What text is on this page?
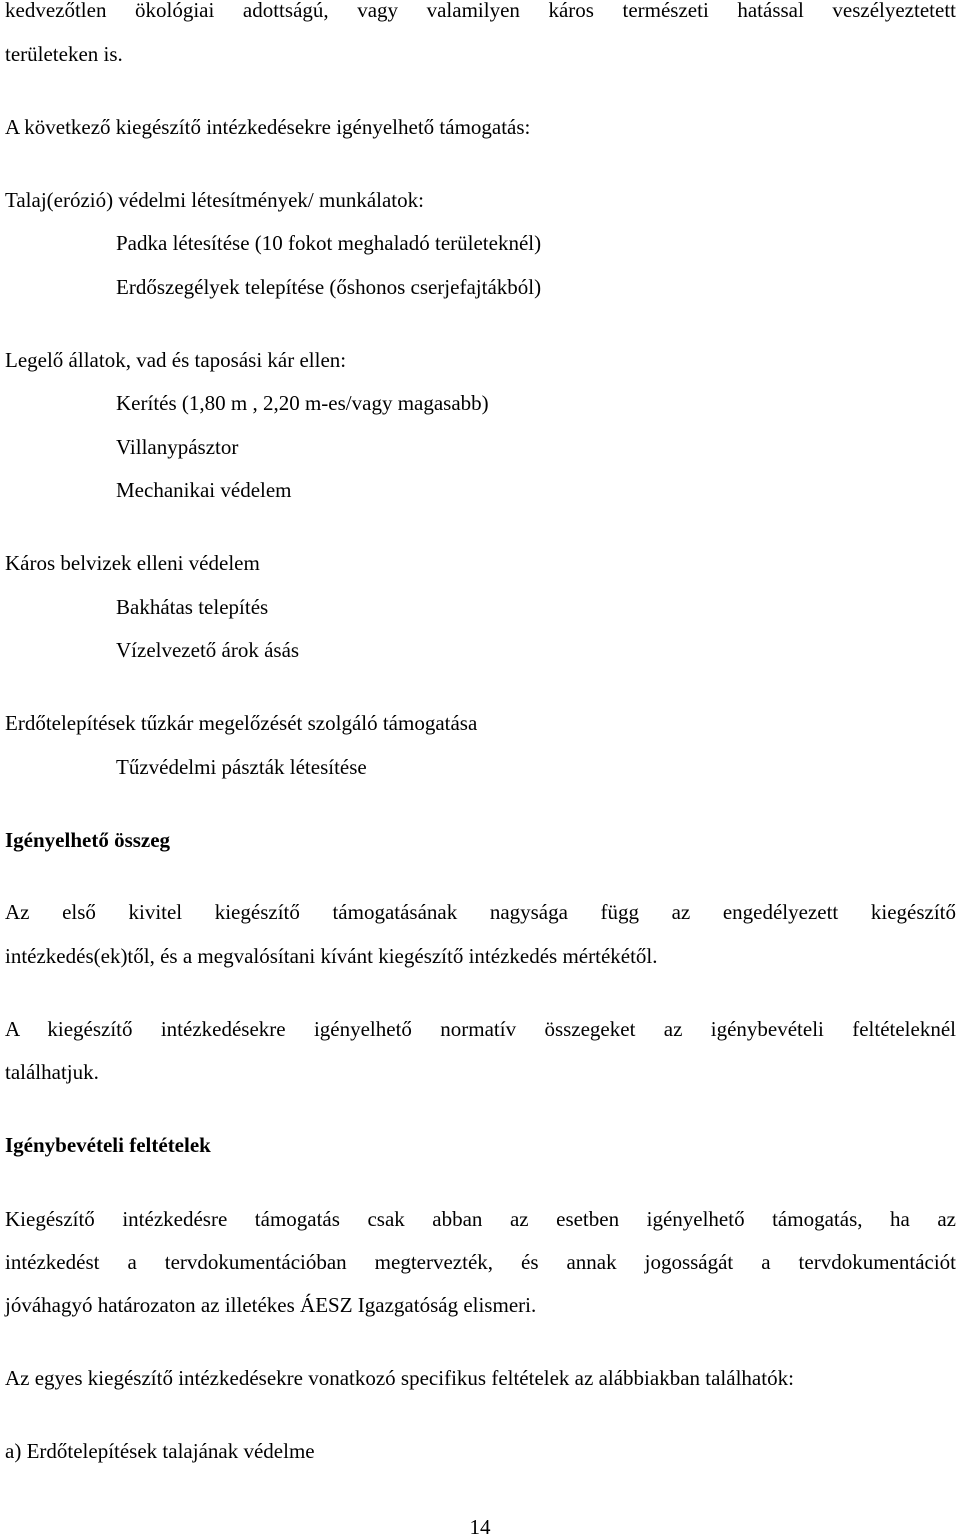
kedvezőtlen ökológiai adottságú, vagy valamilyen káros természeti hatással veszélyeztetett
területeken is.
A következő kiegészítő intézkedésekre igényelhető támogatás:
Talaj(erózió) védelmi létesítmények/ munkálatok:
Padka létesítése (10 fokot meghaladó területeknél)
Erdőszegélyek telepítése (őshonos cserjefajtákból)
Legelő állatok, vad és taposási kár ellen:
Kerítés (1,80 m , 2,20 m-es/vagy magasabb)
Villanypásztor
Mechanikai védelem
Káros belvizek elleni védelem
Bakhátas telepítés
Vízelvezető árok ásás
Erdőtelepítések tűzkár megelőzését szolgáló támogatása
Tűzvédelmi pászták létesítése
Igényelhető összeg
Az első kivitel kiegészítő támogatásának nagysága függ az engedélyezett kiegészítő
intézkedés(ek)től, és a megvalósítani kívánt kiegészítő intézkedés mértékétől.
A kiegészítő intézkedésekre igényelhető normatív összegeket az igénybevételi feltételeknél
találhatjuk.
Igénybevételi feltételek
Kiegészítő intézkedésre támogatás csak abban az esetben igényelhető támogatás, ha az
intézkedést a tervdokumentációban megtervezték, és annak jogosságát a tervdokumentációt
jóváhagyó határozaton az illetékes ÁESZ Igazgatóság elismeri.
Az egyes kiegészítő intézkedésekre vonatkozó specifikus feltételek az alábbiakban találhatók:
a) Erdőtelepítések talajának védelme
14
